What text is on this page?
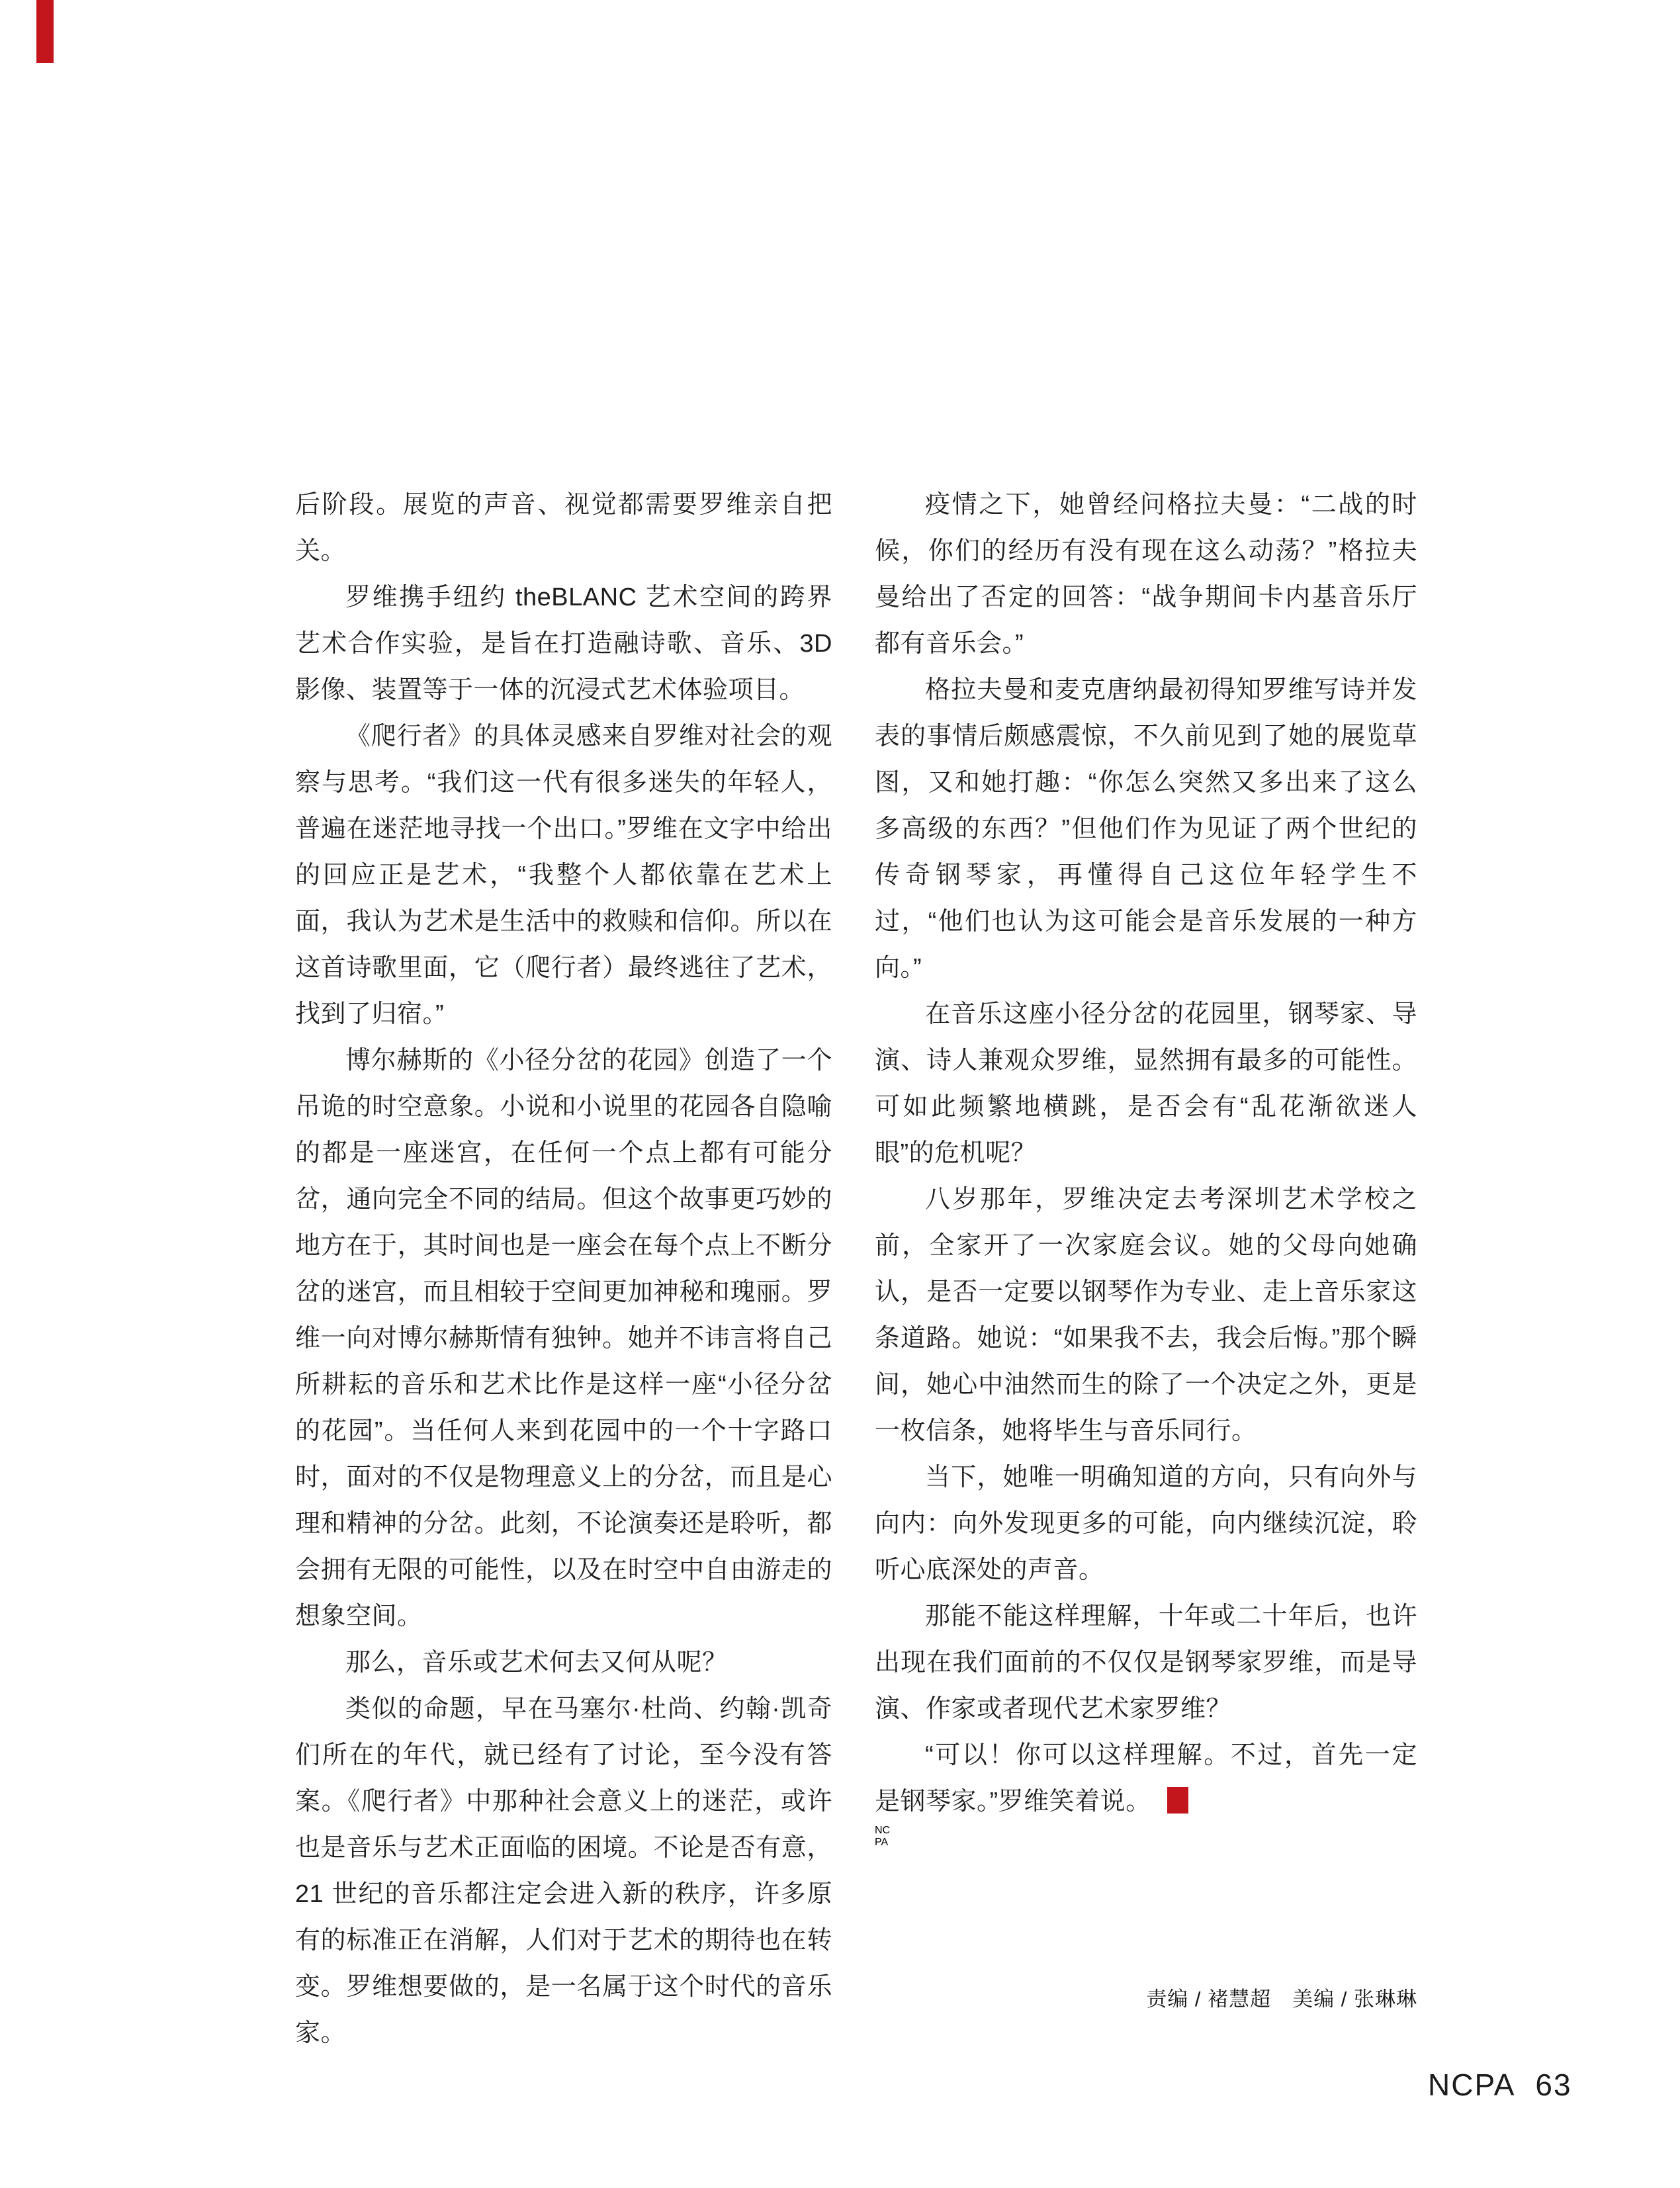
后阶段。展览的声音、视觉都需要罗维亲自把关。

罗维携手纽约 theBLANC 艺术空间的跨界艺术合作实验，是旨在打造融诗歌、音乐、3D影像、装置等于一体的沉浸式艺术体验项目。

《爬行者》的具体灵感来自罗维对社会的观察与思考。“我们这一代有很多迷失的年轻人，普遍在迷茫地寻找一个出口。”罗维在文字中给出的回应正是艺术，“我整个人都依靠在艺术上面，我认为艺术是生活中的救赎和信仰。所以在这首诗歌里面，它（爬行者）最终逃往了艺术，找到了归宿。”

博尔赫斯的《小径分岔的花园》创造了一个吊诡的时空意象。小说和小说里的花园各自隐喻的都是一座迷宫，在任何一个点上都有可能分岔，通向完全不同的结局。但这个故事更巧妙的地方在于，其时间也是一座会在每个点上不断分岔的迷宫，而且相较于空间更加神秘和瑰丽。罗维一向对博尔赫斯情有独钟。她并不讳言将自己所耕耘的音乐和艺术比作是这样一座“小径分岔的花园”。当任何人来到花园中的一个十字路口时，面对的不仅是物理意义上的分岔，而且是心理和精神的分岔。此刻，不论演奏还是聆听，都会拥有无限的可能性，以及在时空中自由游走的想象空间。

那么，音乐或艺术何去又何从呢？

类似的命题，早在马塞尔·杜尚、约翰·凯奇们所在的年代，就已经有了讨论，至今没有答案。《爬行者》中那种社会意义上的迷茫，或许也是音乐与艺术正面临的困境。不论是否有意，21 世纪的音乐都注定会进入新的秩序，许多原有的标准正在消解，人们对于艺术的期待也在转变。罗维想要做的，是一名属于这个时代的音乐家。

疫情之下，她曾经问格拉夫曼：“二战的时候，你们的经历有没有现在这么动荡？”格拉夫曼给出了否定的回答：“战争期间卡内基音乐厅都有音乐会。”

格拉夫曼和麦克唐纳最初得知罗维写诗并发表的事情后颇感震惊，不久前见到了她的展览草图，又和她打趣：“你怎么突然又多出来了这么多高级的东西？”但他们作为见证了两个世纪的传奇钢琴家，再懂得自己这位年轻学生不过，“他们也认为这可能会是音乐发展的一种方向。”

在音乐这座小径分岔的花园里，钢琴家、导演、诗人兼观众罗维，显然拥有最多的可能性。可如此频繁地横跳，是否会有“乱花渐欲迷人眼”的危机呢？

八岁那年，罗维决定去考深圳艺术学校之前，全家开了一次家庭会议。她的父母向她确认，是否一定要以钢琴作为专业、走上音乐家这条道路。她说：“如果我不去，我会后悔。”那个瞬间，她心中油然而生的除了一个决定之外，更是一枚信条，她将毕生与音乐同行。

当下，她唯一明确知道的方向，只有向外与向内：向外发现更多的可能，向内继续沉淀，聆听心底深处的声音。

那能不能这样理解，十年或二十年后，也许出现在我们面前的不仅仅是钢琴家罗维，而是导演、作家或者现代艺术家罗维？

“可以！你可以这样理解。不过，首先一定是钢琴家。”罗维笑着说。

NC
PA

责编 / 褚慧超　美编 / 张琳琳
NCPA 63
